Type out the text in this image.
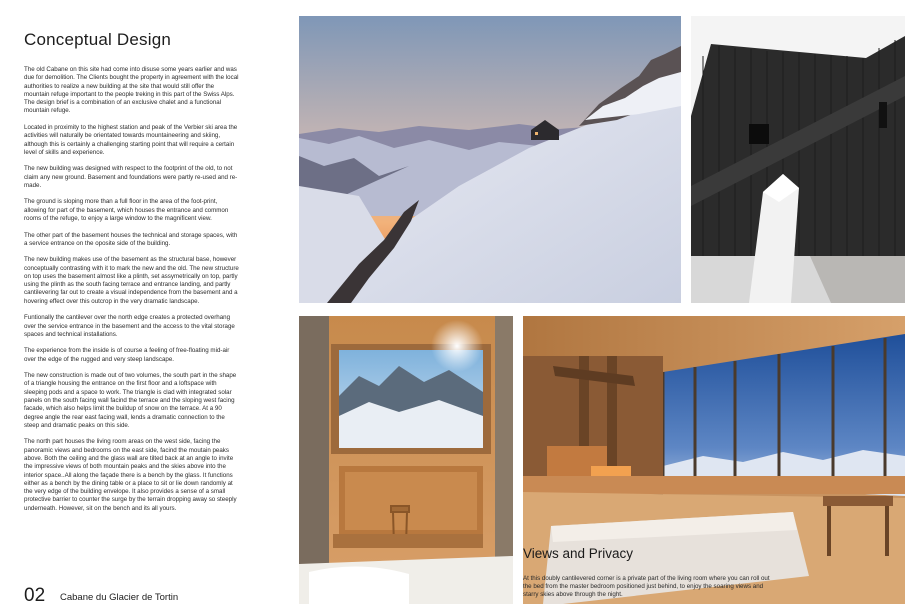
Conceptual Design

The old Cabane on this site had come into disuse some years earlier and was due for demolition. The Clients bought the property in agreement with the local authorities to realize a new building at the site that would still offer the mountain refuge important to the people treking in this part of the Swiss Alps. The design brief is a combination of an exclusive chalet and a functional mountain refuge.

Located in proximity to the highest station and peak of the Verbier ski area the activities will naturally be orientated towards mountaineering and skiing, although this is certainly a challenging starting point that will require a certain level of skills and experience.

The new building was designed with respect to the footprint of the old, to not claim any new ground. Basement and foundations were partly re-used and re-made.

The ground is sloping more than a full floor in the area of the foot-print, allowing for part of the basement, which houses the entrance and common rooms of the refuge, to enjoy a large window to the magnificent view.

The other part of the basement houses the technical and storage spaces, with a service entrance on the oposite side of the building.

The new building makes use of the basement as the structural base, however conceptually contrasting with it to mark the new and the old. The new structure on top uses the basement almost like a plinth, set assymetrically on top, partly using the plinth as the south facing terrace and entrance landing, and partly cantilevering far out to create a visual independence from the basement and a hovering effect over this outcrop in the very dramatic landscape.

Funtionally the cantilever over the north edge creates a protected overhang over the service entrance in the basement and the access to the vital storage spaces and technical installations.

The experience from the inside is of course a feeling of free-floating mid-air over the edge of the rugged and very steep landscape.

The new construction is made out of two volumes, the south part in the shape of a triangle housing the entrance on the first floor and a loftspace with sleeping pods and a space to work. The triangle is clad with integrated solar panels on the south facing wall facind the terrace and the sloping west facing facade, which also helps limit the buildup of snow on the terrace. At a 90 degree angle the rear east facing wall, lends a dramatic connection to the steep and dramatic peaks on this side.

The north part houses the living room areas on the west side, facing the panoramic views and bedrooms on the east side, facind the moutain peaks above. Both the ceiling and the glass wall are tilted back at an angle to invite the impressive views of both mountain peaks and the skies above into the interior space..All along the façade there is a bench by the glass. It functions either as a bench by the dining table or a place to sit or lie down randomly at the very edge of the building envelope. It also provides a sense of a small protective barrier to counter the surge by the terrain dropping away so steeply underneath. However, sit on the bench and its all yours.

02 Cabane du Glacier de Tortin
Views and Privacy
At this doubly cantilevered corner is a private part of the living room where you can roll out the bed from the master bedroom positioned just behind, to enjoy the soaring views and starry skies above through the night.
